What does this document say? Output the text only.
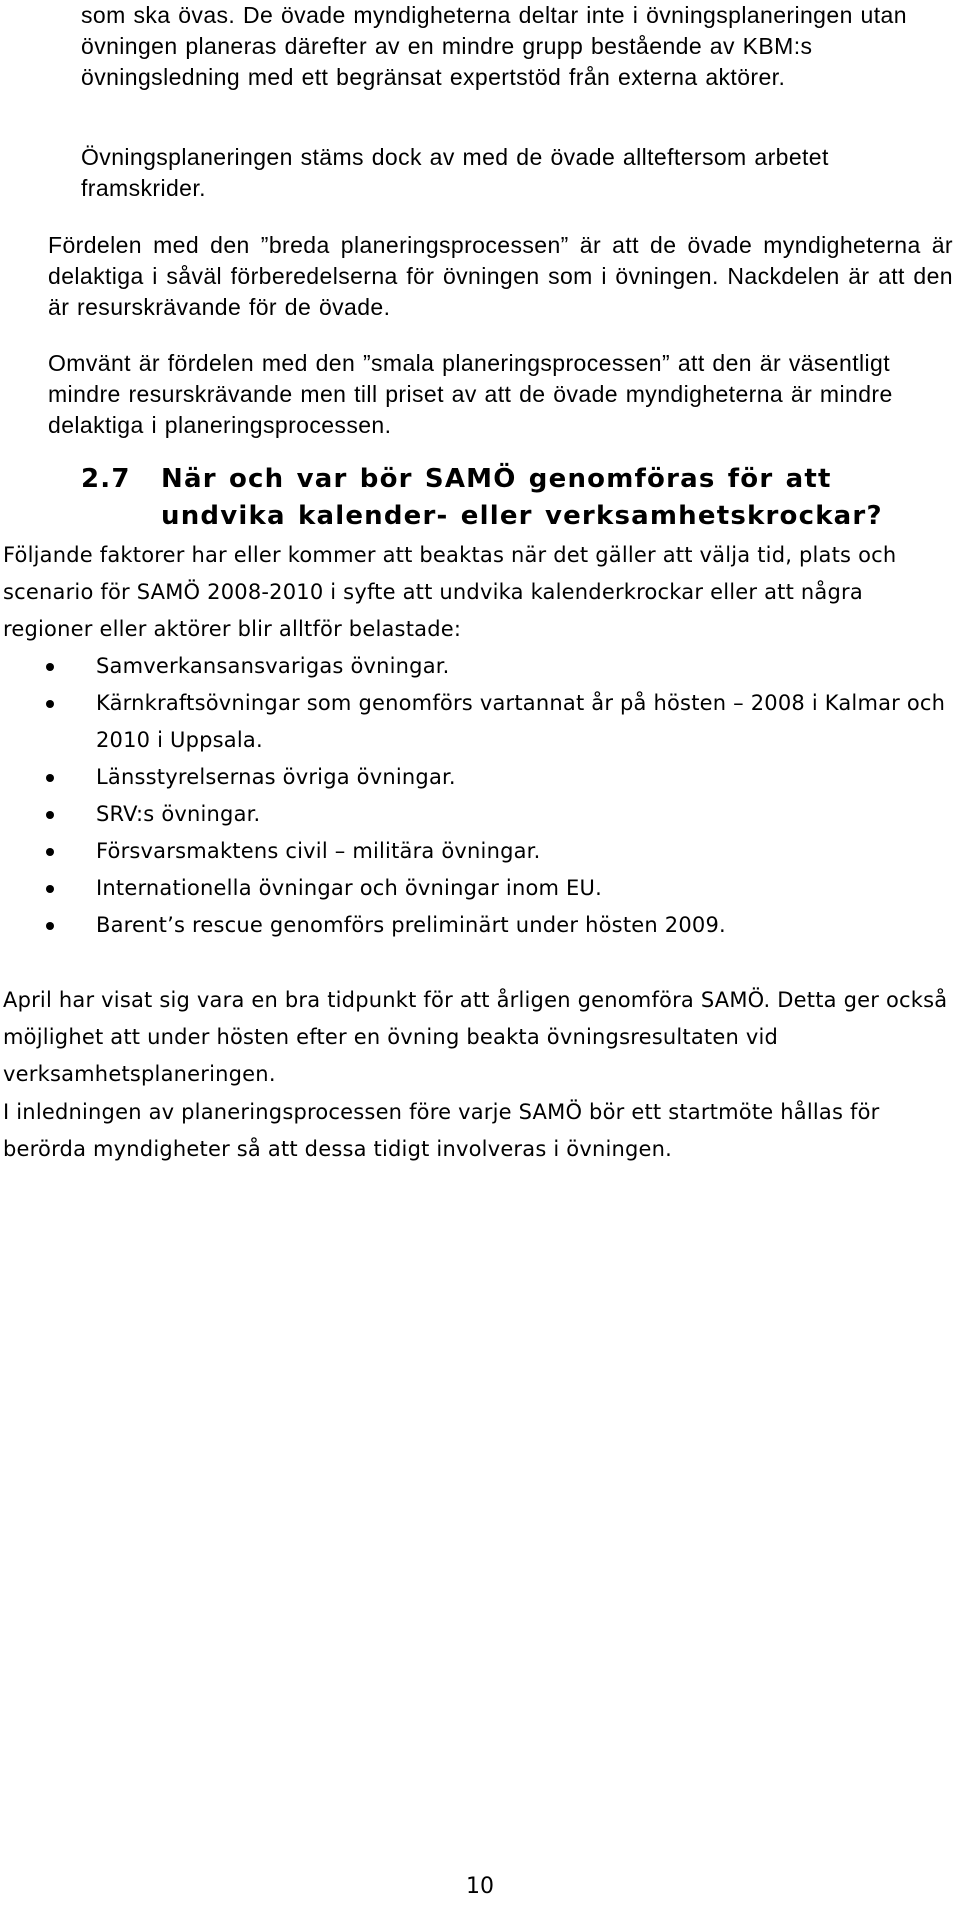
som ska övas. De övade myndigheterna deltar inte i övningsplaneringen utan övningen planeras därefter av en mindre grupp bestående av KBM:s övningsledning med ett begränsat expertstöd från externa aktörer.

Övningsplaneringen stäms dock av med de övade allteftersom arbetet framskrider.

Fördelen med den ”breda planeringsprocessen” är att de övade myndigheterna är delaktiga i såväl förberedelserna för övningen som i övningen. Nackdelen är att den är resurskrävande för de övade.

Omvänt är fördelen med den ”smala planeringsprocessen” att den är väsentligt mindre resurskrävande men till priset av att de övade myndigheterna är mindre delaktiga i planeringsprocessen.

2.7 När och var bör SAMÖ genomföras för att
undvika kalender- eller verksamhetskrockar?

Följande faktorer har eller kommer att beaktas när det gäller att välja tid, plats och scenario för SAMÖ 2008-2010 i syfte att undvika kalenderkrockar eller att några regioner eller aktörer blir alltför belastade:

Samverkansansvarigas övningar.
Kärnkraftsövningar som genomförs vartannat år på hösten – 2008 i Kalmar och 2010 i Uppsala.
Länsstyrelsernas övriga övningar.
SRV:s övningar.
Försvarsmaktens civil – militära övningar.
Internationella övningar och övningar inom EU.
Barent’s rescue genomförs preliminärt under hösten 2009.

April har visat sig vara en bra tidpunkt för att årligen genomföra SAMÖ. Detta ger också möjlighet att under hösten efter en övning beakta övningsresultaten vid verksamhetsplaneringen.

I inledningen av planeringsprocessen före varje SAMÖ bör ett startmöte hållas för berörda myndigheter så att dessa tidigt involveras i övningen.

10
